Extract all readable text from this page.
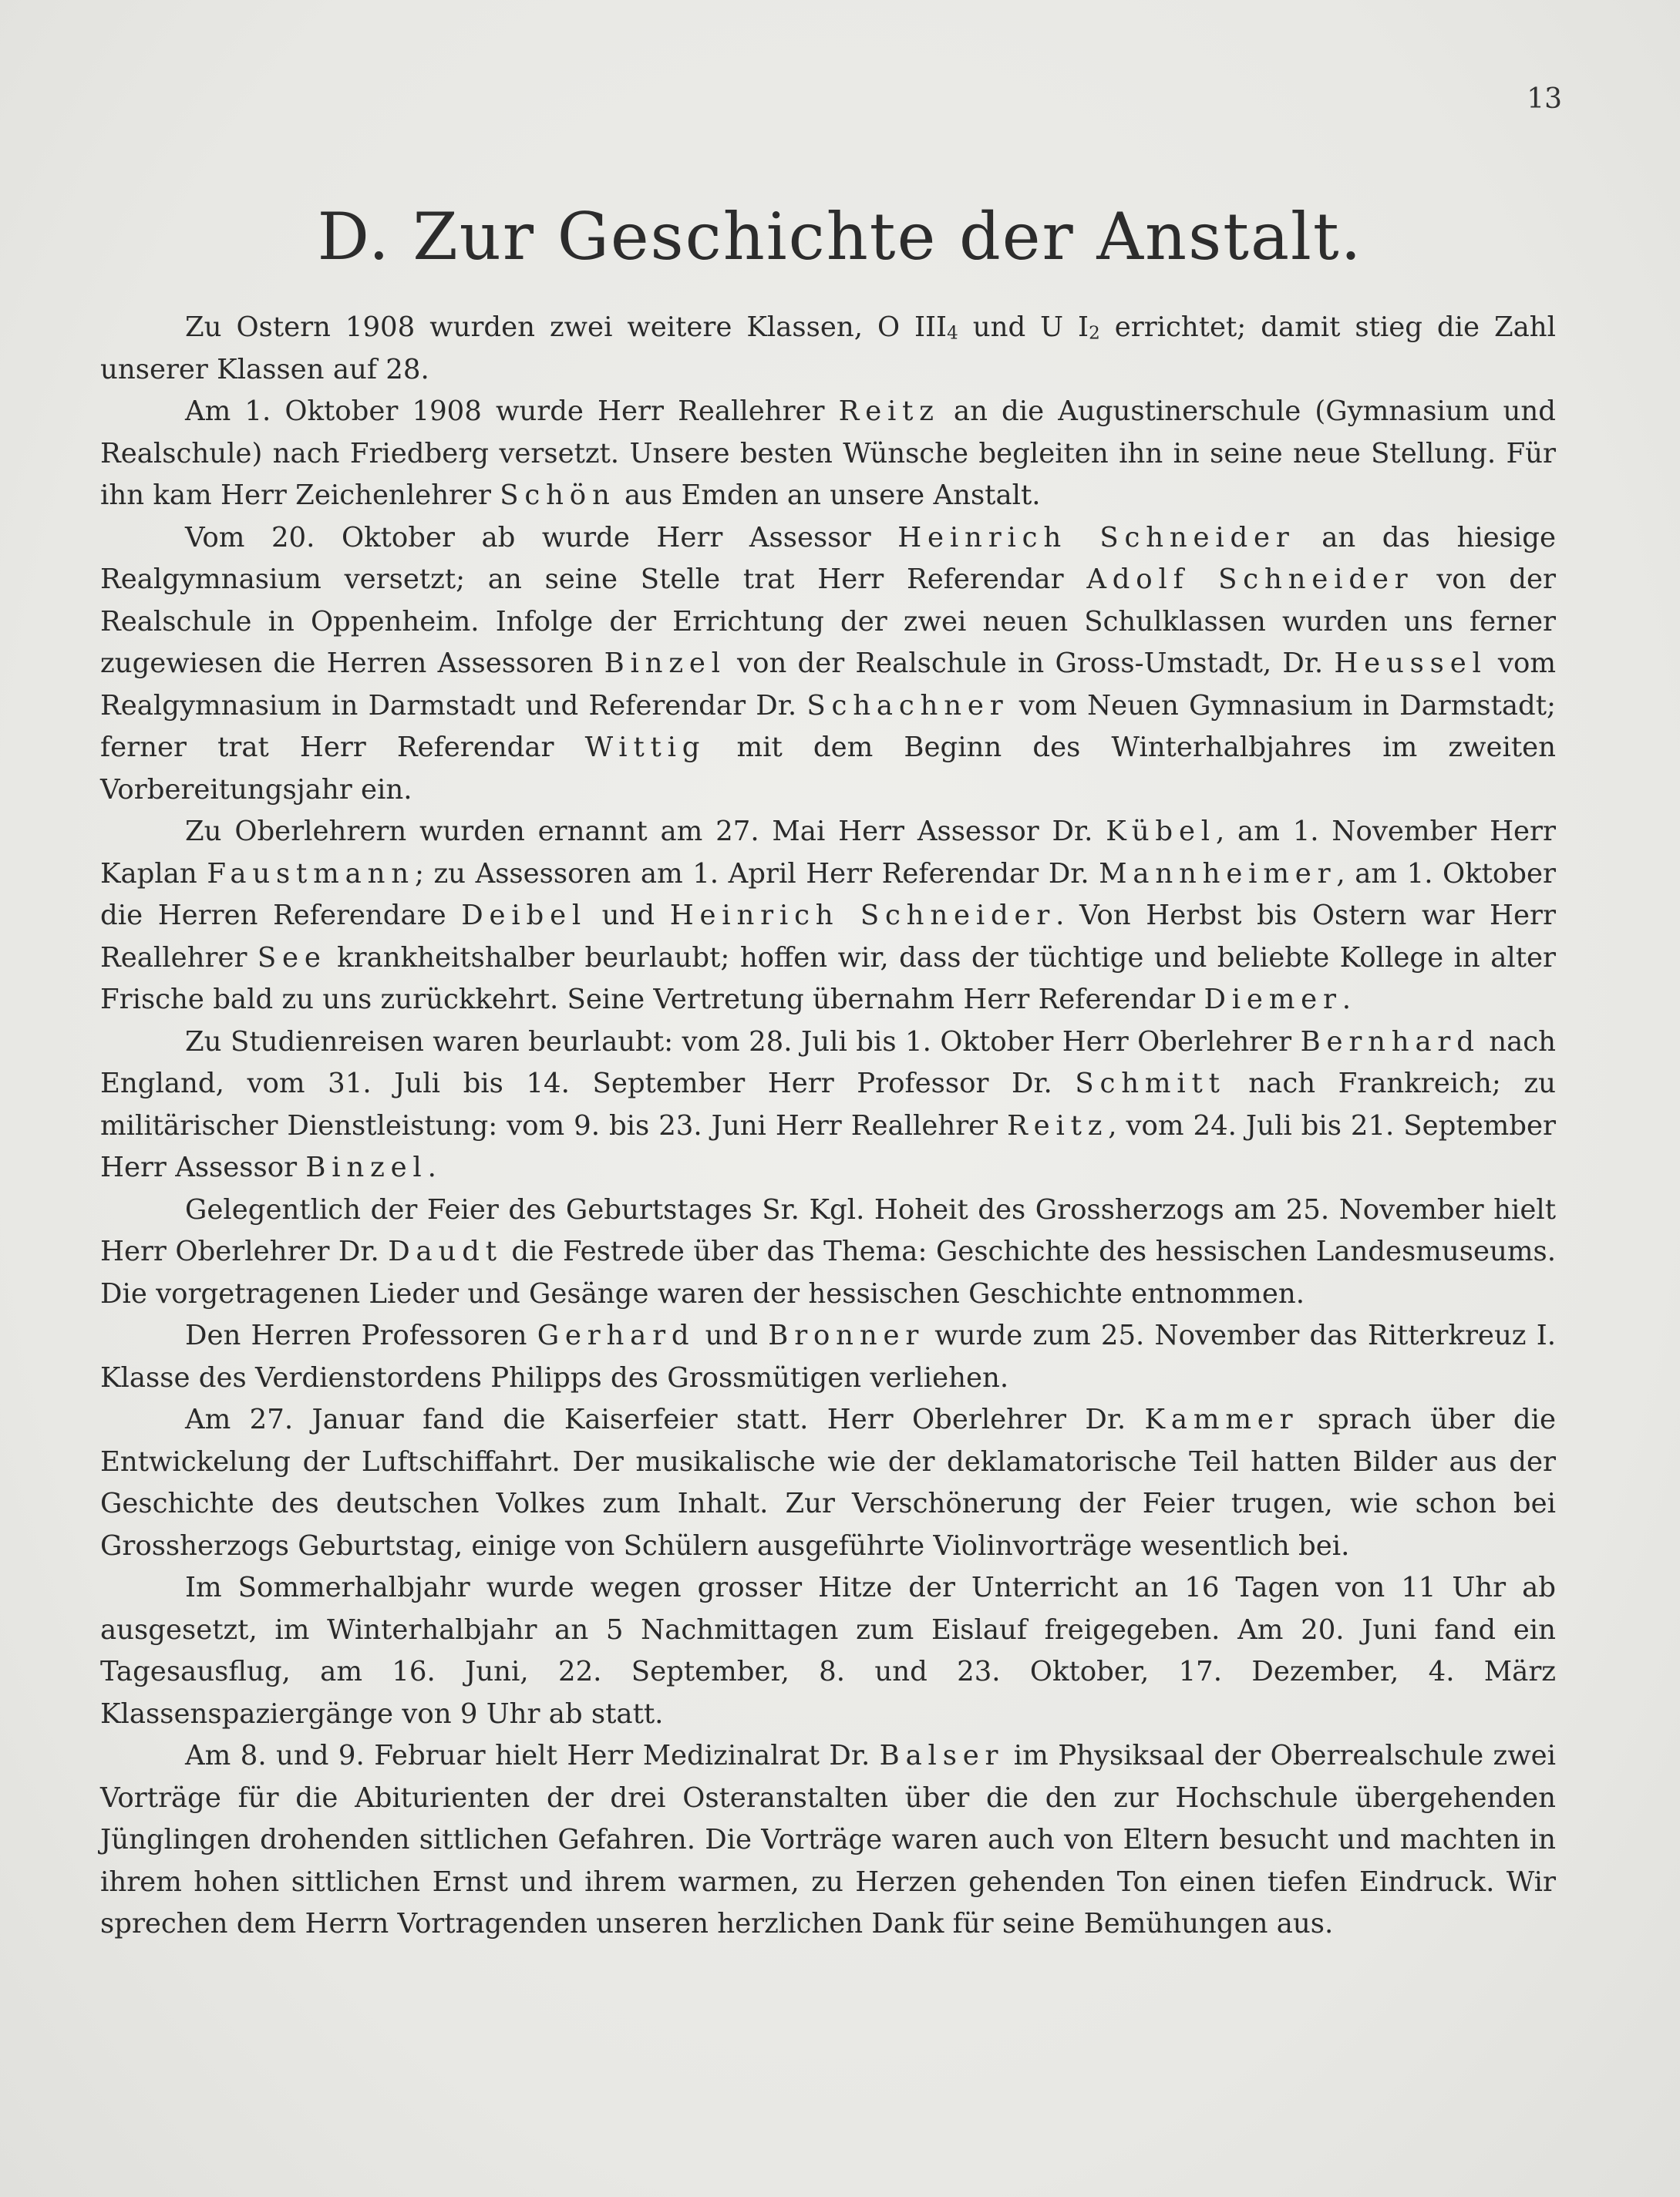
13
D. Zur Geschichte der Anstalt.

Zu Ostern 1908 wurden zwei weitere Klassen, O $III_4$ und U $I_2$ errichtet; damit stieg die Zahl unserer Klassen auf 28.

Am 1. Oktober 1908 wurde Herr Reallehrer Reitz an die Augustinerschule (Gymnasium und Realschule) nach Friedberg versetzt. Unsere besten Wünsche begleiten ihn in seine neue Stellung. Für ihn kam Herr Zeichenlehrer Schön aus Emden an unsere Anstalt.

Vom 20. Oktober ab wurde Herr Assessor Heinrich Schneider an das hiesige Realgymnasium versetzt; an seine Stelle trat Herr Referendar Adolf Schneider von der Realschule in Oppenheim. Infolge der Errichtung der zwei neuen Schulklassen wurden uns ferner zugewiesen die Herren Assessoren Binzel von der Realschule in Gross-Umstadt, Dr. Heussel vom Realgymnasium in Darmstadt und Referendar Dr. Schachner vom Neuen Gymnasium in Darmstadt; ferner trat Herr Referendar Wittig mit dem Beginn des Winterhalbjahres im zweiten Vorbereitungsjahr ein.

Zu Oberlehrern wurden ernannt am 27. Mai Herr Assessor Dr. Kübel, am 1. November Herr Kaplan Faustmann; zu Assessoren am 1. April Herr Referendar Dr. Mannheimer, am 1. Oktober die Herren Referendare Deibel und Heinrich Schneider. Von Herbst bis Ostern war Herr Reallehrer See krankheitshalber beurlaubt; hoffen wir, dass der tüchtige und beliebte Kollege in alter Frische bald zu uns zurückkehrt. Seine Vertretung übernahm Herr Referendar Diemer.

Zu Studienreisen waren beurlaubt: vom 28. Juli bis 1. Oktober Herr Oberlehrer Bernhard nach England, vom 31. Juli bis 14. September Herr Professor Dr. Schmitt nach Frankreich; zu militärischer Dienstleistung: vom 9. bis 23. Juni Herr Reallehrer Reitz, vom 24. Juli bis 21. September Herr Assessor Binzel.

Gelegentlich der Feier des Geburtstages Sr. Kgl. Hoheit des Grossherzogs am 25. November hielt Herr Oberlehrer Dr. Daudt die Festrede über das Thema: Geschichte des hessischen Landesmuseums. Die vorgetragenen Lieder und Gesänge waren der hessischen Geschichte entnommen.

Den Herren Professoren Gerhard und Bronner wurde zum 25. November das Ritterkreuz I. Klasse des Verdienstordens Philipps des Grossmütigen verliehen.

Am 27. Januar fand die Kaiserfeier statt. Herr Oberlehrer Dr. Kammer sprach über die Entwickelung der Luftschiffahrt. Der musikalische wie der deklamatorische Teil hatten Bilder aus der Geschichte des deutschen Volkes zum Inhalt. Zur Verschönerung der Feier trugen, wie schon bei Grossherzogs Geburtstag, einige von Schülern ausgeführte Violinvorträge wesentlich bei.

Im Sommerhalbjahr wurde wegen grosser Hitze der Unterricht an 16 Tagen von 11 Uhr ab ausgesetzt, im Winterhalbjahr an 5 Nachmittagen zum Eislauf freigegeben. Am 20. Juni fand ein Tagesausflug, am 16. Juni, 22. September, 8. und 23. Oktober, 17. Dezember, 4. März Klassenspaziergänge von 9 Uhr ab statt.

Am 8. und 9. Februar hielt Herr Medizinalrat Dr. Balser im Physiksaal der Oberrealschule zwei Vorträge für die Abiturienten der drei Osteranstalten über die den zur Hochschule übergehenden Jünglingen drohenden sittlichen Gefahren. Die Vorträge waren auch von Eltern besucht und machten in ihrem hohen sittlichen Ernst und ihrem warmen, zu Herzen gehenden Ton einen tiefen Eindruck. Wir sprechen dem Herrn Vortragenden unseren herzlichen Dank für seine Bemühungen aus.
